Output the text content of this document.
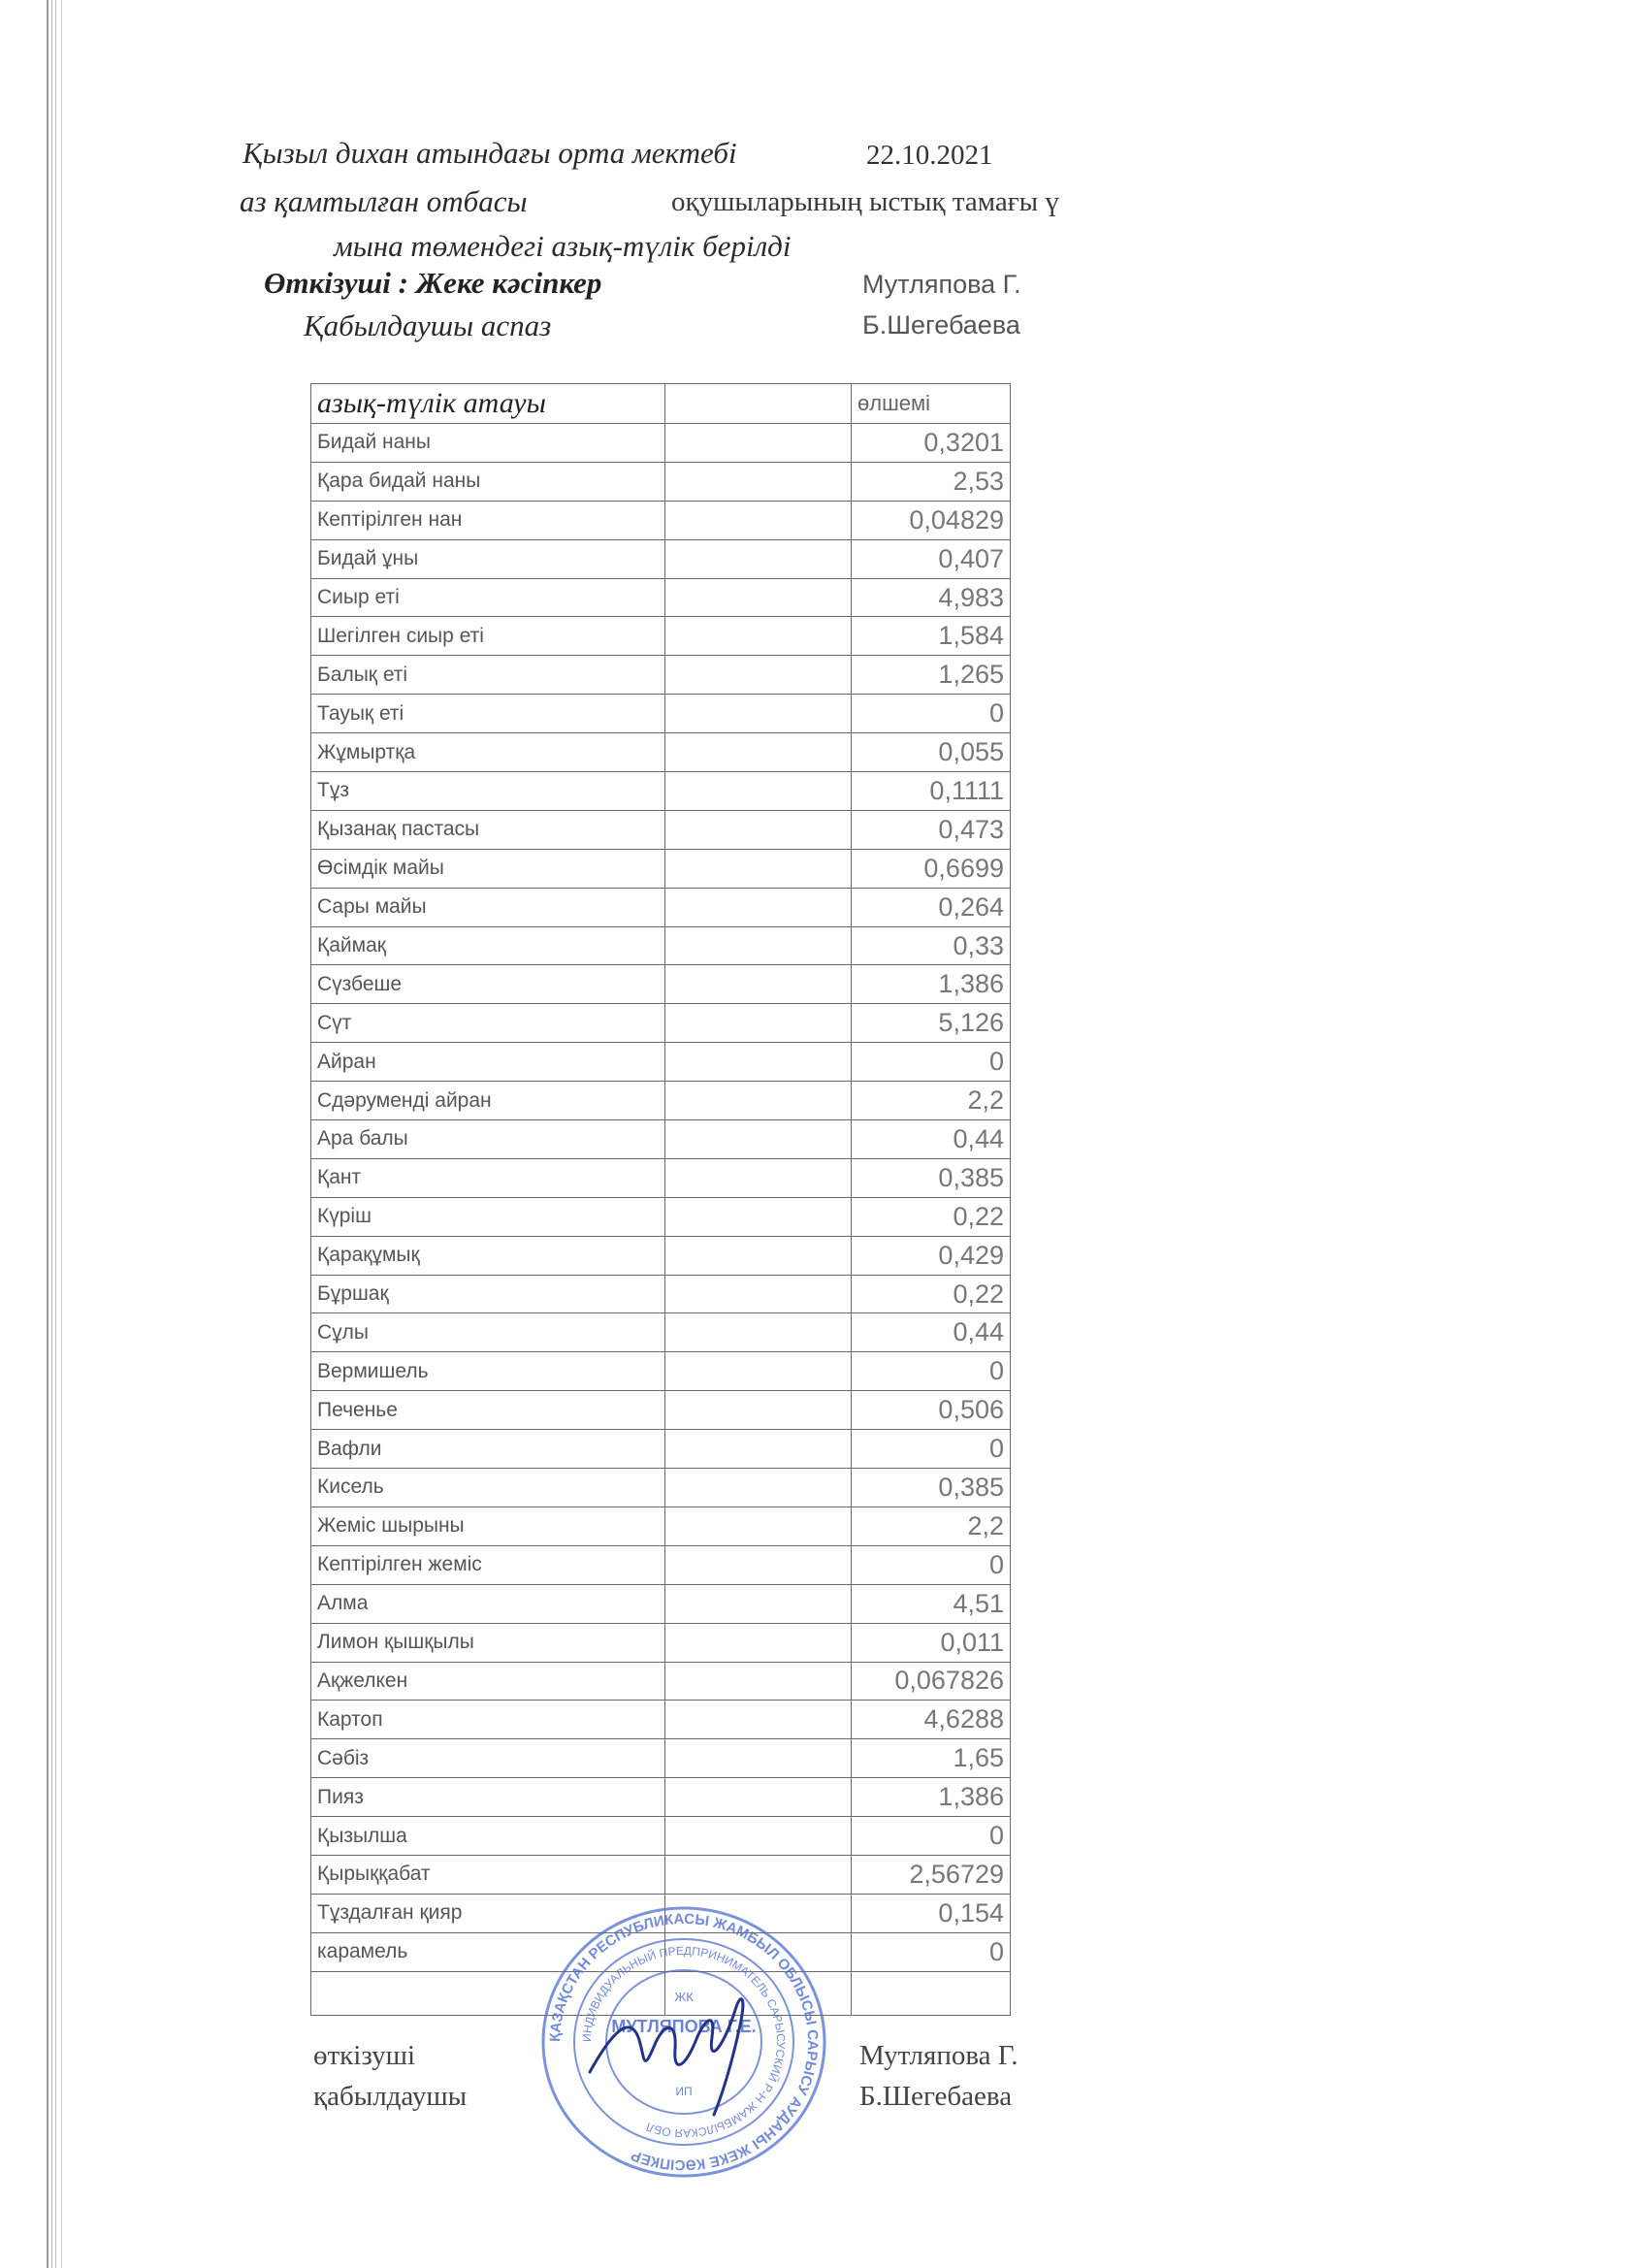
Қызыл дихан атындағы орта мектебі	22.10.2021
аз қамтылған отбасы	оқушыларының ыстық тамағы ү
мына төмендегі азық-түлік берілді
Өткізуші : Жеке кәсіпкер	Мутляпова Г.
Қабылдаушы аспаз	Б.Шегебаева
азық-түлік атауы		өлшемі
Бидай наны		0,3201
Қара бидай наны		2,53
Кептірілген нан		0,04829
Бидай ұны		0,407
Сиыр еті		4,983
Шегілген сиыр еті		1,584
Балық еті		1,265
Тауық еті		0
Жұмыртқа		0,055
Тұз		0,1111
Қызанақ пастасы		0,473
Өсімдік майы		0,6699
Сары майы		0,264
Қаймақ		0,33
Сүзбеше		1,386
Сүт		5,126
Айран		0
Сдәруменді айран		2,2
Ара балы		0,44
Қант		0,385
Күріш		0,22
Қарақұмық		0,429
Бұршақ		0,22
Сұлы		0,44
Вермишель		0
Печенье		0,506
Вафли		0
Кисель		0,385
Жеміс шырыны		2,2
Кептірілген жеміс		0
Алма		4,51
Лимон қышқылы		0,011
Ақжелкен		0,067826
Картоп		4,6288
Сәбіз		1,65
Пияз		1,386
Қызылша		0
Қырыққабат		2,56729
Тұздалған қияр		0,154
карамель		0

өткізуші	Мутляпова Г.
қабылдаушы	Б.Шегебаева
ҚАЗАҚСТАН РЕСПУБЛИКАСЫ ЖАМБЫЛ ОБЛЫСЫ САРЫСУ АУДАНЫ ЖЕКЕ КӘСІПКЕР
ИНДИВИДУАЛЬНЫЙ ПРЕДПРИНИМАТЕЛЬ САРЫСУСКИЙ Р-Н ЖАМБЫЛСКАЯ ОБЛ
ЖК
МУТЛЯПОВА Г.Е.
ИП
